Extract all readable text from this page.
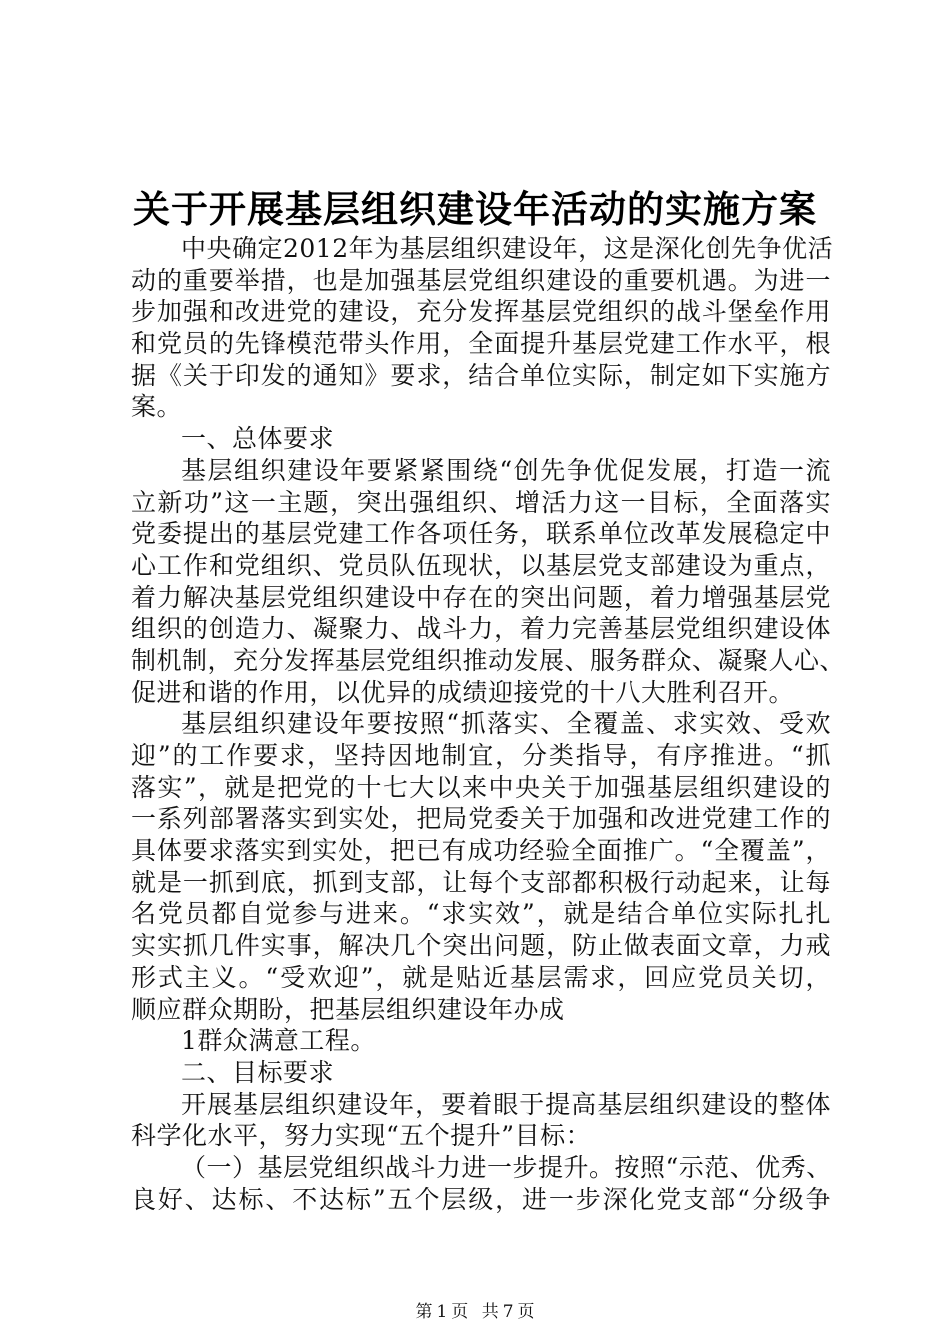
关于开展基层组织建设年活动的实施方案
中央确定2012年为基层组织建设年，这是深化创先争优活
动的重要举措，也是加强基层党组织建设的重要机遇。为进一
步加强和改进党的建设，充分发挥基层党组织的战斗堡垒作用
和党员的先锋模范带头作用，全面提升基层党建工作水平，根
据《关于印发的通知》要求，结合单位实际，制定如下实施方
案。
一、总体要求
基层组织建设年要紧紧围绕“创先争优促发展，打造一流
立新功”这一主题，突出强组织、增活力这一目标，全面落实
党委提出的基层党建工作各项任务，联系单位改革发展稳定中
心工作和党组织、党员队伍现状，以基层党支部建设为重点，
着力解决基层党组织建设中存在的突出问题，着力增强基层党
组织的创造力、凝聚力、战斗力，着力完善基层党组织建设体
制机制，充分发挥基层党组织推动发展、服务群众、凝聚人心、
促进和谐的作用，以优异的成绩迎接党的十八大胜利召开。
基层组织建设年要按照“抓落实、全覆盖、求实效、受欢
迎”的工作要求，坚持因地制宜，分类指导，有序推进。“抓
落实”，就是把党的十七大以来中央关于加强基层组织建设的
一系列部署落实到实处，把局党委关于加强和改进党建工作的
具体要求落实到实处，把已有成功经验全面推广。“全覆盖”，
就是一抓到底，抓到支部，让每个支部都积极行动起来，让每
名党员都自觉参与进来。“求实效”，就是结合单位实际扎扎
实实抓几件实事，解决几个突出问题，防止做表面文章，力戒
形式主义。“受欢迎”，就是贴近基层需求，回应党员关切，
顺应群众期盼，把基层组织建设年办成
1群众满意工程。
二、目标要求
开展基层组织建设年，要着眼于提高基层组织建设的整体
科学化水平，努力实现“五个提升”目标：
（一）基层党组织战斗力进一步提升。按照“示范、优秀、
良好、达标、不达标”五个层级，进一步深化党支部“分级争
第 1 页 共 7 页
